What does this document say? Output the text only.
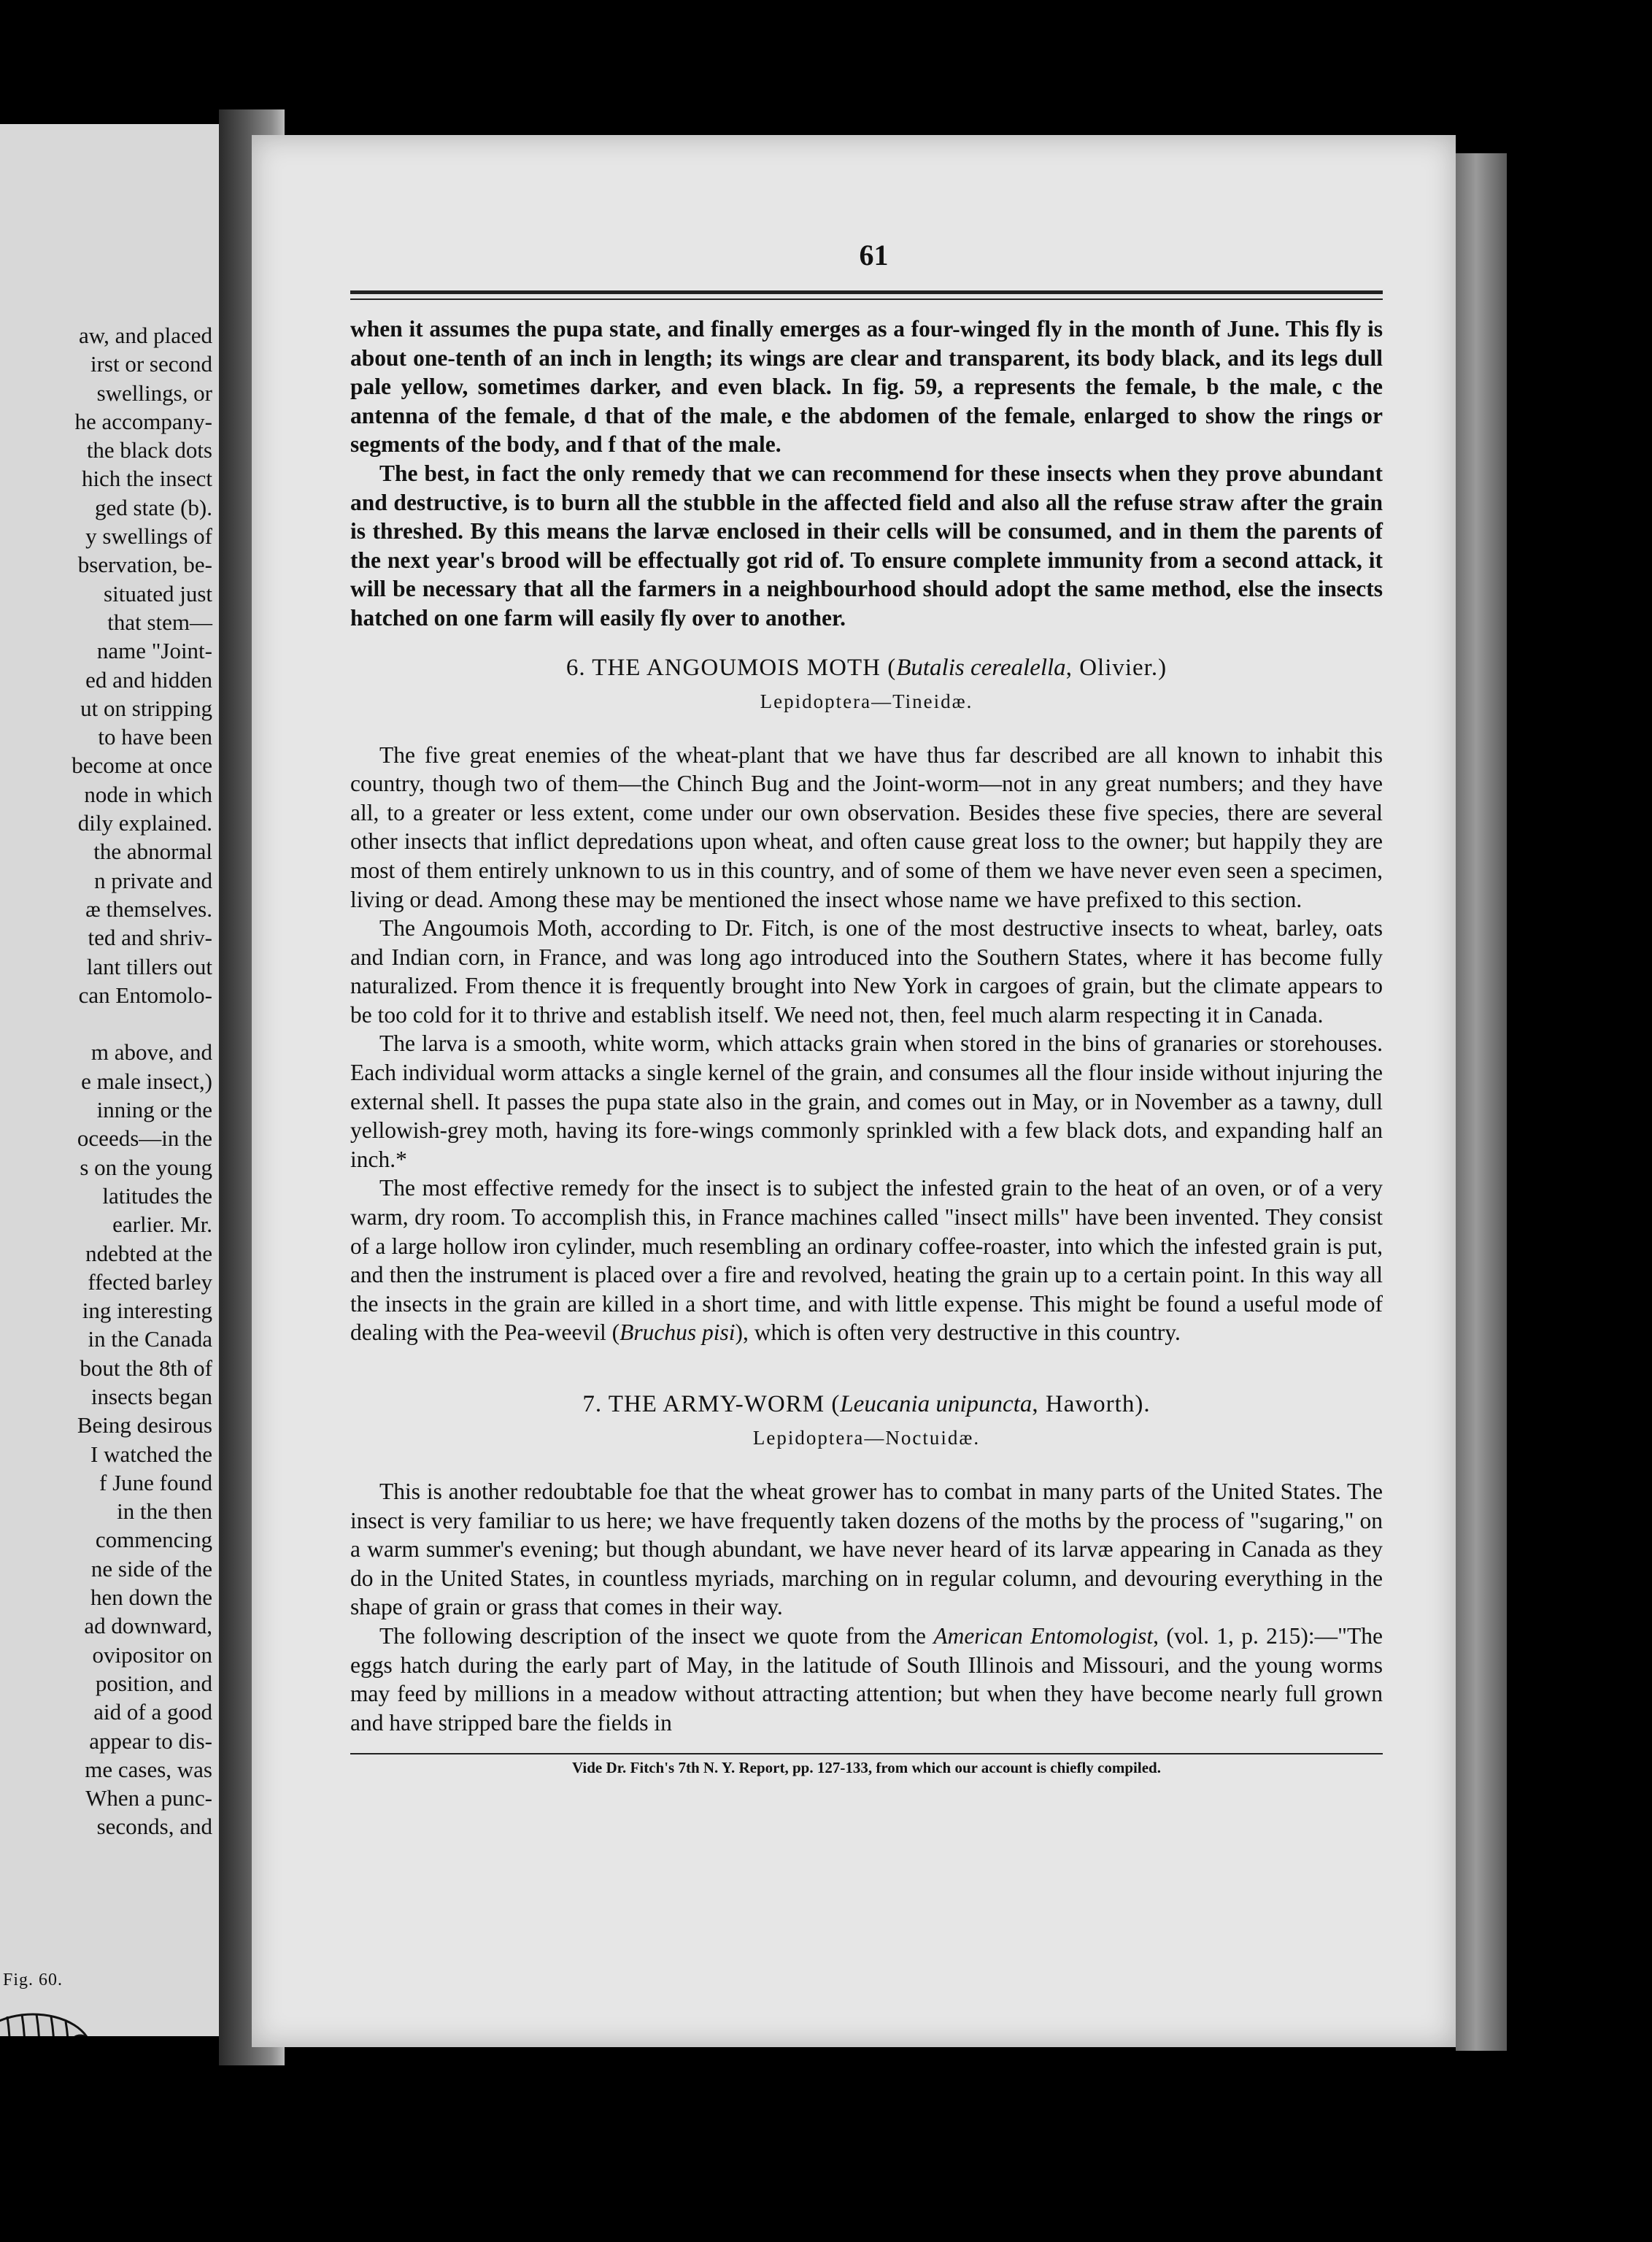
aw, and placed
irst or second
swellings, or
he accompany-
the black dots
hich the insect
ged state (b).
y swellings of
bservation, be-
situated just
that stem—
name "Joint-
ed and hidden
ut on stripping
to have been
become at once
node in which
dily explained.
the abnormal
n private and
æ themselves.
ted and shriv-
lant tillers out
can Entomolo-
m above, and
e male insect,)
inning or the
oceeds—in the
s on the young
latitudes the
earlier. Mr.
ndebted at the
ffected barley
ing interesting
in the Canada
bout the 8th of
insects began
Being desirous
I watched the
f June found
in the then
commencing
ne side of the
hen down the
ad downward,
ovipositor on
position, and
aid of a good
appear to dis-
me cases, was
When a punc-
seconds, and
Fig. 60.
61

when it assumes the pupa state, and finally emerges as a four-winged fly in the month of June. This fly is about one-tenth of an inch in length; its wings are clear and transparent, its body black, and its legs dull pale yellow, sometimes darker, and even black. In fig. 59, a represents the female, b the male, c the antenna of the female, d that of the male, e the abdomen of the female, enlarged to show the rings or segments of the body, and f that of the male.

The best, in fact the only remedy that we can recommend for these insects when they prove abundant and destructive, is to burn all the stubble in the affected field and also all the refuse straw after the grain is threshed. By this means the larvæ enclosed in their cells will be consumed, and in them the parents of the next year's brood will be effectually got rid of. To ensure complete immunity from a second attack, it will be necessary that all the farmers in a neighbourhood should adopt the same method, else the insects hatched on one farm will easily fly over to another.

6. THE ANGOUMOIS MOTH (Butalis cerealella, Olivier.)
Lepidoptera—Tineidæ.

The five great enemies of the wheat-plant that we have thus far described are all known to inhabit this country, though two of them—the Chinch Bug and the Joint-worm—not in any great numbers; and they have all, to a greater or less extent, come under our own observation. Besides these five species, there are several other insects that inflict depredations upon wheat, and often cause great loss to the owner; but happily they are most of them entirely unknown to us in this country, and of some of them we have never even seen a specimen, living or dead. Among these may be mentioned the insect whose name we have prefixed to this section.

The Angoumois Moth, according to Dr. Fitch, is one of the most destructive insects to wheat, barley, oats and Indian corn, in France, and was long ago introduced into the Southern States, where it has become fully naturalized. From thence it is frequently brought into New York in cargoes of grain, but the climate appears to be too cold for it to thrive and establish itself. We need not, then, feel much alarm respecting it in Canada.

The larva is a smooth, white worm, which attacks grain when stored in the bins of granaries or storehouses. Each individual worm attacks a single kernel of the grain, and consumes all the flour inside without injuring the external shell. It passes the pupa state also in the grain, and comes out in May, or in November as a tawny, dull yellowish-grey moth, having its fore-wings commonly sprinkled with a few black dots, and expanding half an inch.*

The most effective remedy for the insect is to subject the infested grain to the heat of an oven, or of a very warm, dry room. To accomplish this, in France machines called "insect mills" have been invented. They consist of a large hollow iron cylinder, much resembling an ordinary coffee-roaster, into which the infested grain is put, and then the instrument is placed over a fire and revolved, heating the grain up to a certain point. In this way all the insects in the grain are killed in a short time, and with little expense. This might be found a useful mode of dealing with the Pea-weevil (Bruchus pisi), which is often very destructive in this country.

7. THE ARMY-WORM (Leucania unipuncta, Haworth).
Lepidoptera—Noctuidæ.

This is another redoubtable foe that the wheat grower has to combat in many parts of the United States. The insect is very familiar to us here; we have frequently taken dozens of the moths by the process of "sugaring," on a warm summer's evening; but though abundant, we have never heard of its larvæ appearing in Canada as they do in the United States, in countless myriads, marching on in regular column, and devouring everything in the shape of grain or grass that comes in their way.

The following description of the insect we quote from the American Entomologist, (vol. 1, p. 215):—"The eggs hatch during the early part of May, in the latitude of South Illinois and Missouri, and the young worms may feed by millions in a meadow without attracting attention; but when they have become nearly full grown and have stripped bare the fields in

Vide Dr. Fitch's 7th N. Y. Report, pp. 127-133, from which our account is chiefly compiled.
